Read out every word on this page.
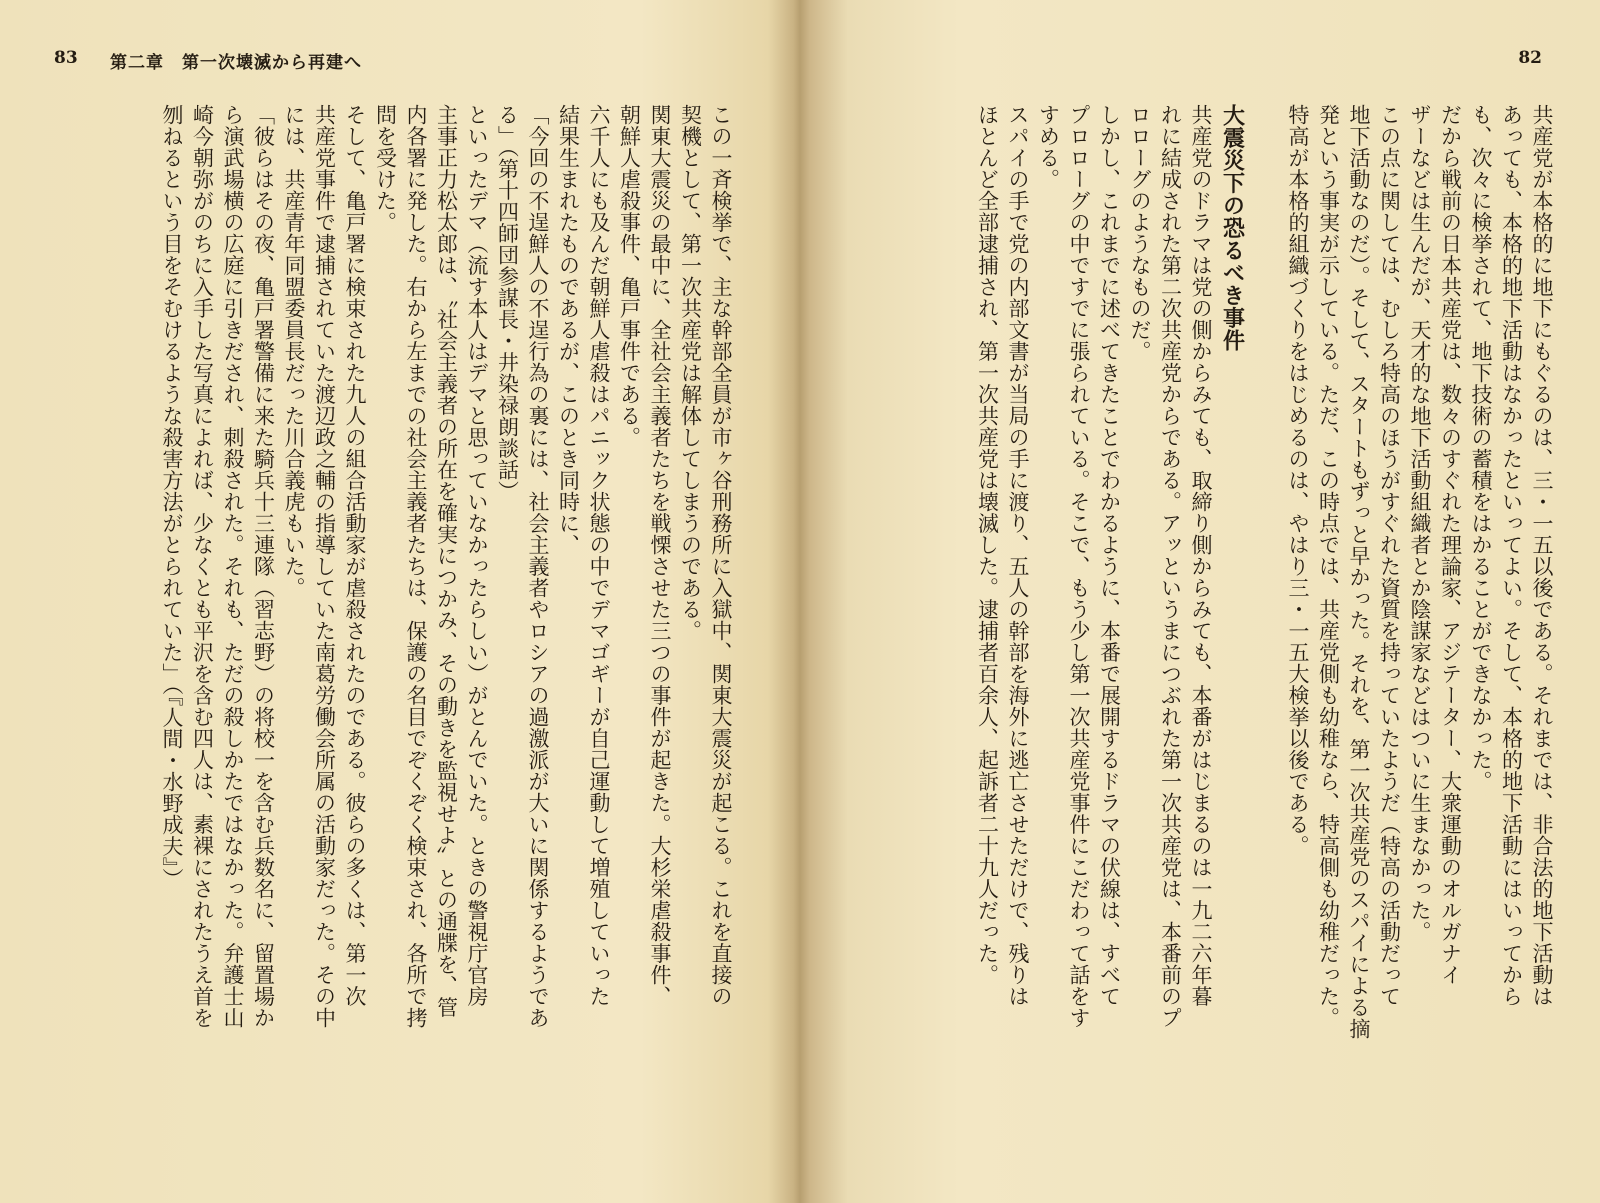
83 第二章　第一次壊滅から再建へ
この一斉検挙で、主な幹部全員が市ヶ谷刑務所に入獄中、関東大震災が起こる。これを直接の
契機として、第一次共産党は解体してしまうのである。
関東大震災の最中に、全社会主義者たちを戦慄させた三つの事件が起きた。大杉栄虐殺事件、
朝鮮人虐殺事件、亀戸事件である。
六千人にも及んだ朝鮮人虐殺はパニック状態の中でデマゴギーが自己運動して増殖していった
結果生まれたものであるが、このとき同時に、
「今回の不逞鮮人の不逞行為の裏には、社会主義者やロシアの過激派が大いに関係するようであ
る」（第十四師団参謀長・井染禄朗談話）
といったデマ（流す本人はデマと思っていなかったらしい）がとんでいた。ときの警視庁官房
主事正力松太郎は、〝社会主義者の所在を確実につかみ、その動きを監視せよ〟との通牒を、管
内各署に発した。右から左までの社会主義者たちは、保護の名目でぞくぞく検束され、各所で拷
問を受けた。
そして、亀戸署に検束された九人の組合活動家が虐殺されたのである。彼らの多くは、第一次
共産党事件で逮捕されていた渡辺政之輔の指導していた南葛労働会所属の活動家だった。その中
には、共産青年同盟委員長だった川合義虎もいた。
「彼らはその夜、亀戸署警備に来た騎兵十三連隊（習志野）の将校一を含む兵数名に、留置場か
ら演武場横の広庭に引きだされ、刺殺された。それも、ただの殺しかたではなかった。弁護士山
崎今朝弥がのちに入手した写真によれば、少なくとも平沢を含む四人は、素裸にされたうえ首を
刎ねるという目をそむけるような殺害方法がとられていた」（『人間・水野成夫』）
82
共産党が本格的に地下にもぐるのは、三・一五以後である。それまでは、非合法的地下活動は
あっても、本格的地下活動はなかったといってよい。そして、本格的地下活動にはいってから
も、次々に検挙されて、地下技術の蓄積をはかることができなかった。
だから戦前の日本共産党は、数々のすぐれた理論家、アジテーター、大衆運動のオルガナイ
ザーなどは生んだが、天才的な地下活動組織者とか陰謀家などはついに生まなかった。
この点に関しては、むしろ特高のほうがすぐれた資質を持っていたようだ（特高の活動だって
地下活動なのだ）。そして、スタートもずっと早かった。それを、第一次共産党のスパイによる摘
発という事実が示している。ただ、この時点では、共産党側も幼稚なら、特高側も幼稚だった。
特高が本格的組織づくりをはじめるのは、やはり三・一五大検挙以後である。
大震災下の恐るべき事件
共産党のドラマは党の側からみても、取締り側からみても、本番がはじまるのは一九二六年暮
れに結成された第二次共産党からである。アッというまにつぶれた第一次共産党は、本番前のプ
ロローグのようなものだ。
しかし、これまでに述べてきたことでわかるように、本番で展開するドラマの伏線は、すべて
プロローグの中ですでに張られている。そこで、もう少し第一次共産党事件にこだわって話をす
すめる。
スパイの手で党の内部文書が当局の手に渡り、五人の幹部を海外に逃亡させただけで、残りは
ほとんど全部逮捕され、第一次共産党は壊滅した。逮捕者百余人、起訴者二十九人だった。
